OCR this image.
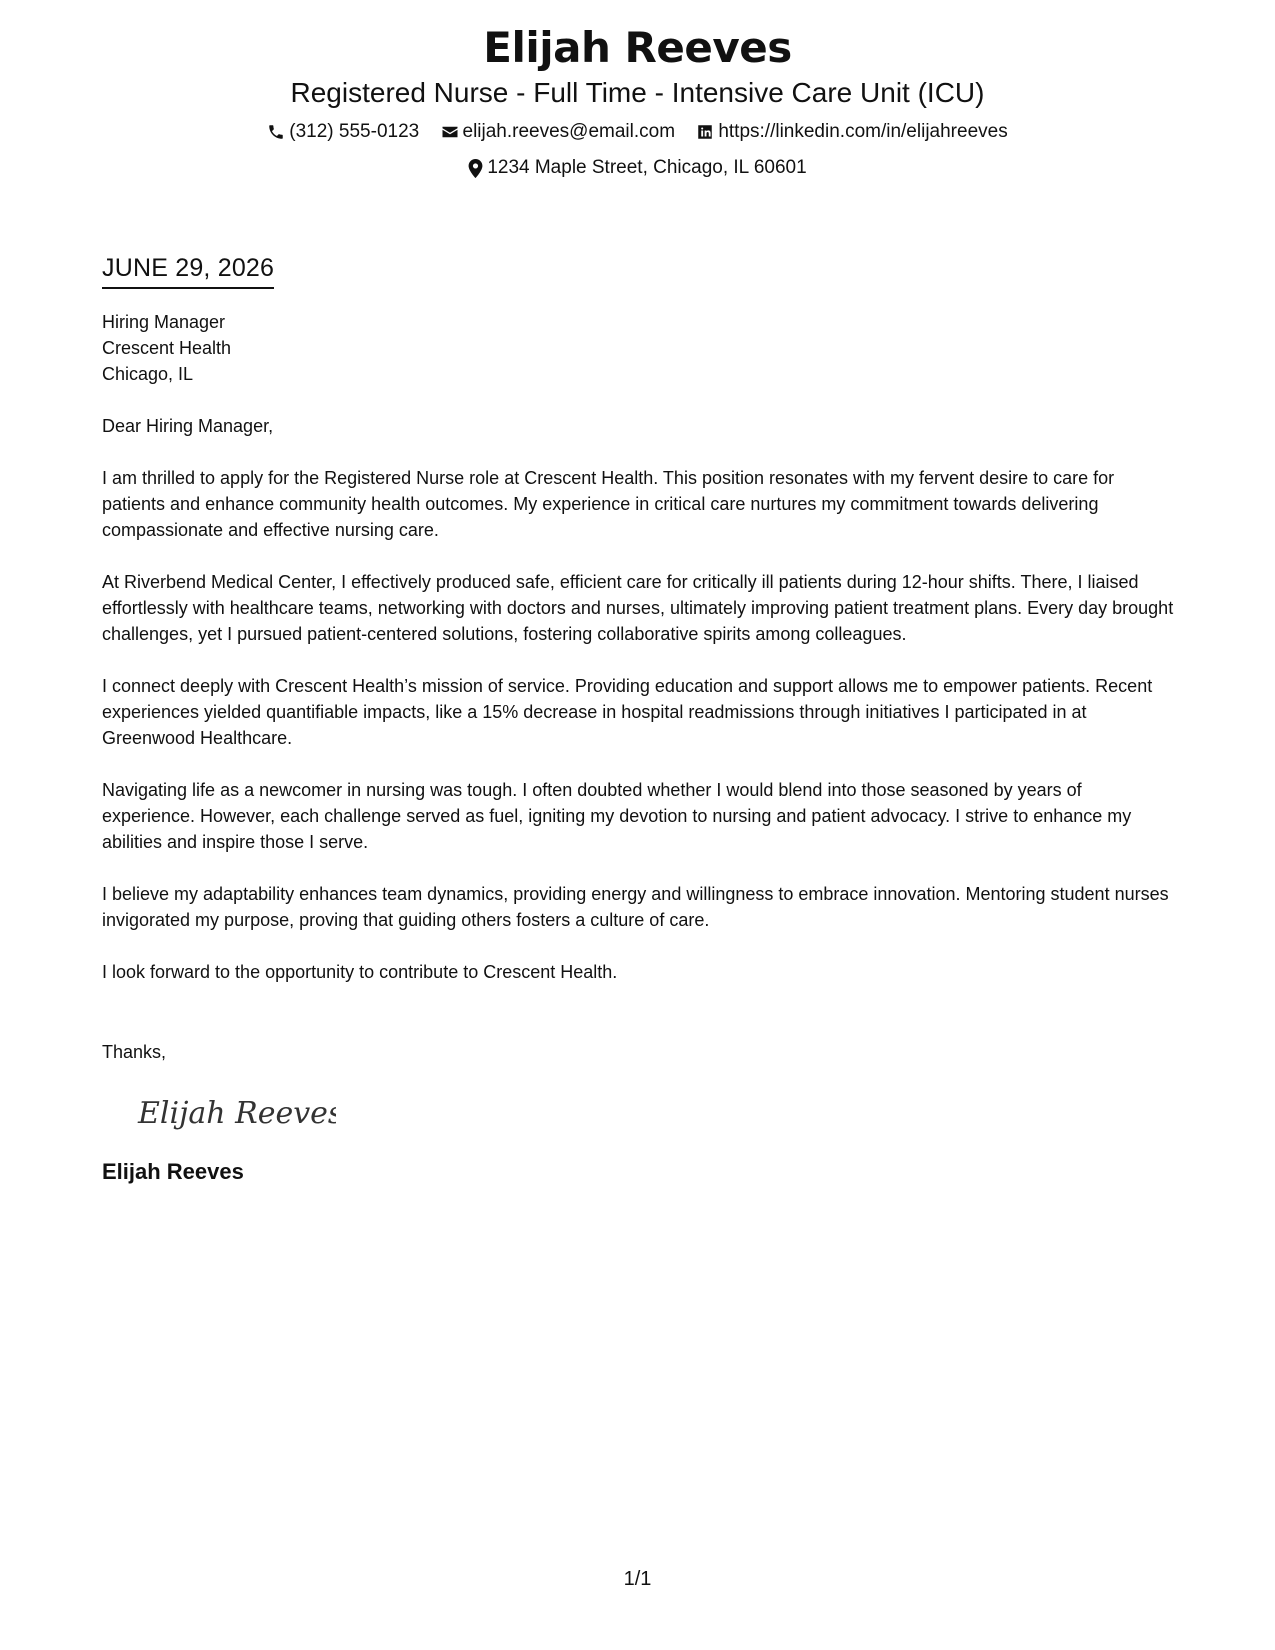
Elijah Reeves
Registered Nurse - Full Time - Intensive Care Unit (ICU)
(312) 555-0123
elijah.reeves@email.com
https://linkedin.com/in/elijahreeves
1234 Maple Street, Chicago, IL 60601
JUNE 29, 2026
Hiring Manager
Crescent Health
Chicago, IL
Dear Hiring Manager,
I am thrilled to apply for the Registered Nurse role at Crescent Health. This position resonates with my fervent desire to care for patients and enhance community health outcomes. My experience in critical care nurtures my commitment towards delivering compassionate and effective nursing care.
At Riverbend Medical Center, I effectively produced safe, efficient care for critically ill patients during 12-hour shifts. There, I liaised effortlessly with healthcare teams, networking with doctors and nurses, ultimately improving patient treatment plans. Every day brought challenges, yet I pursued patient-centered solutions, fostering collaborative spirits among colleagues.
I connect deeply with Crescent Health’s mission of service. Providing education and support allows me to empower patients. Recent experiences yielded quantifiable impacts, like a 15% decrease in hospital readmissions through initiatives I participated in at Greenwood Healthcare.
Navigating life as a newcomer in nursing was tough. I often doubted whether I would blend into those seasoned by years of experience. However, each challenge served as fuel, igniting my devotion to nursing and patient advocacy. I strive to enhance my abilities and inspire those I serve.
I believe my adaptability enhances team dynamics, providing energy and willingness to embrace innovation. Mentoring student nurses invigorated my purpose, proving that guiding others fosters a culture of care.
I look forward to the opportunity to contribute to Crescent Health.
Thanks,
Elijah Reeves
Elijah Reeves
1/1
